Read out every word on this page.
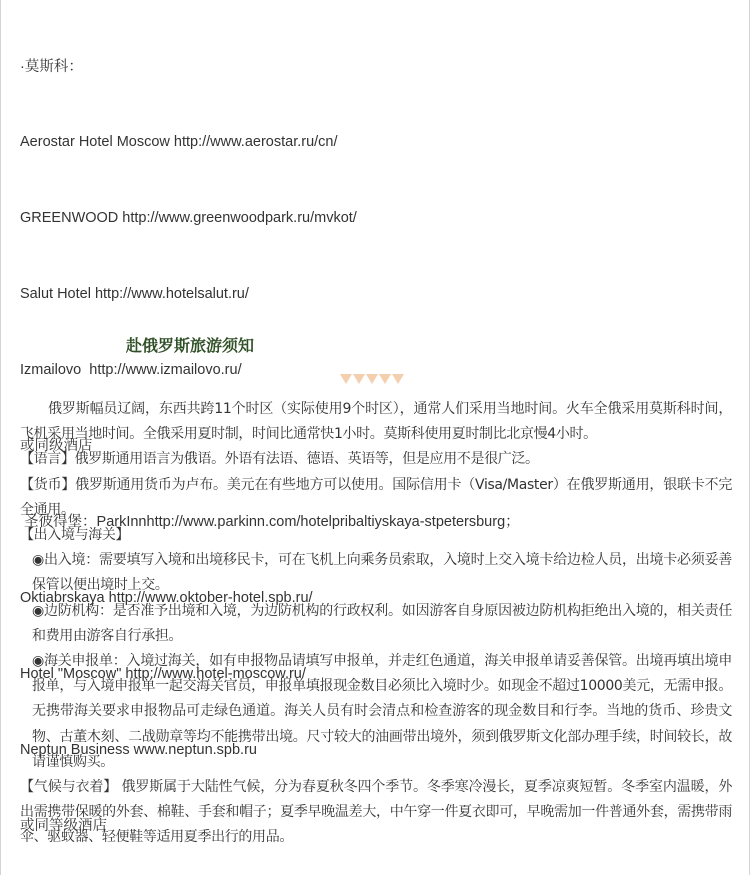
·莫斯科：

Aerostar Hotel Moscow http://www.aerostar.ru/cn/

GREENWOOD http://www.greenwoodpark.ru/mvkot/

Salut Hotel http://www.hotelsalut.ru/

Izmailovo  http://www.izmailovo.ru/

或同级酒店

圣彼得堡：ParkInnhttp://www.parkinn.com/hotelpribaltiyskaya-stpetersburg；

Oktiabrskaya http://www.oktober-hotel.spb.ru/

Hotel "Moscow" http://www.hotel-moscow.ru/

Neptun Business www.neptun.spb.ru

或同等级酒店

赴俄罗斯旅游须知

俄罗斯幅员辽阔，东西共跨11个时区（实际使用9个时区），通常人们采用当地时间。火车全俄采用莫斯科时间，飞机采用当地时间。全俄采用夏时制，时间比通常快1小时。莫斯科使用夏时制比北京慢4小时。

【语言】俄罗斯通用语言为俄语。外语有法语、德语、英语等，但是应用不是很广泛。

【货币】俄罗斯通用货币为卢布。美元在有些地方可以使用。国际信用卡（Visa/Master）在俄罗斯通用，银联卡不完全通用。

【出入境与海关】

◉出入境：需要填写入境和出境移民卡，可在飞机上向乘务员索取，入境时上交入境卡给边检人员，出境卡必须妥善保管以便出境时上交。

◉边防机构：是否准予出境和入境，为边防机构的行政权利。如因游客自身原因被边防机构拒绝出入境的，相关责任和费用由游客自行承担。

◉海关申报单：入境过海关，如有申报物品请填写申报单，并走红色通道，海关申报单请妥善保管。出境再填出境申报单，与入境申报单一起交海关官员，申报单填报现金数目必须比入境时少。如现金不超过10000美元，无需申报。无携带海关要求申报物品可走绿色通道。海关人员有时会清点和检查游客的现金数目和行李。当地的货币、珍贵文物、古董木刻、二战勋章等均不能携带出境。尺寸较大的油画带出境外，须到俄罗斯文化部办理手续，时间较长，故请谨慎购买。

【气候与衣着】 俄罗斯属于大陆性气候，分为春夏秋冬四个季节。冬季寒冷漫长，夏季凉爽短暂。冬季室内温暖，外出需携带保暖的外套、棉鞋、手套和帽子；夏季早晚温差大，中午穿一件夏衣即可，早晚需加一件普通外套，需携带雨伞、驱蚊器、轻便鞋等适用夏季出行的用品。
